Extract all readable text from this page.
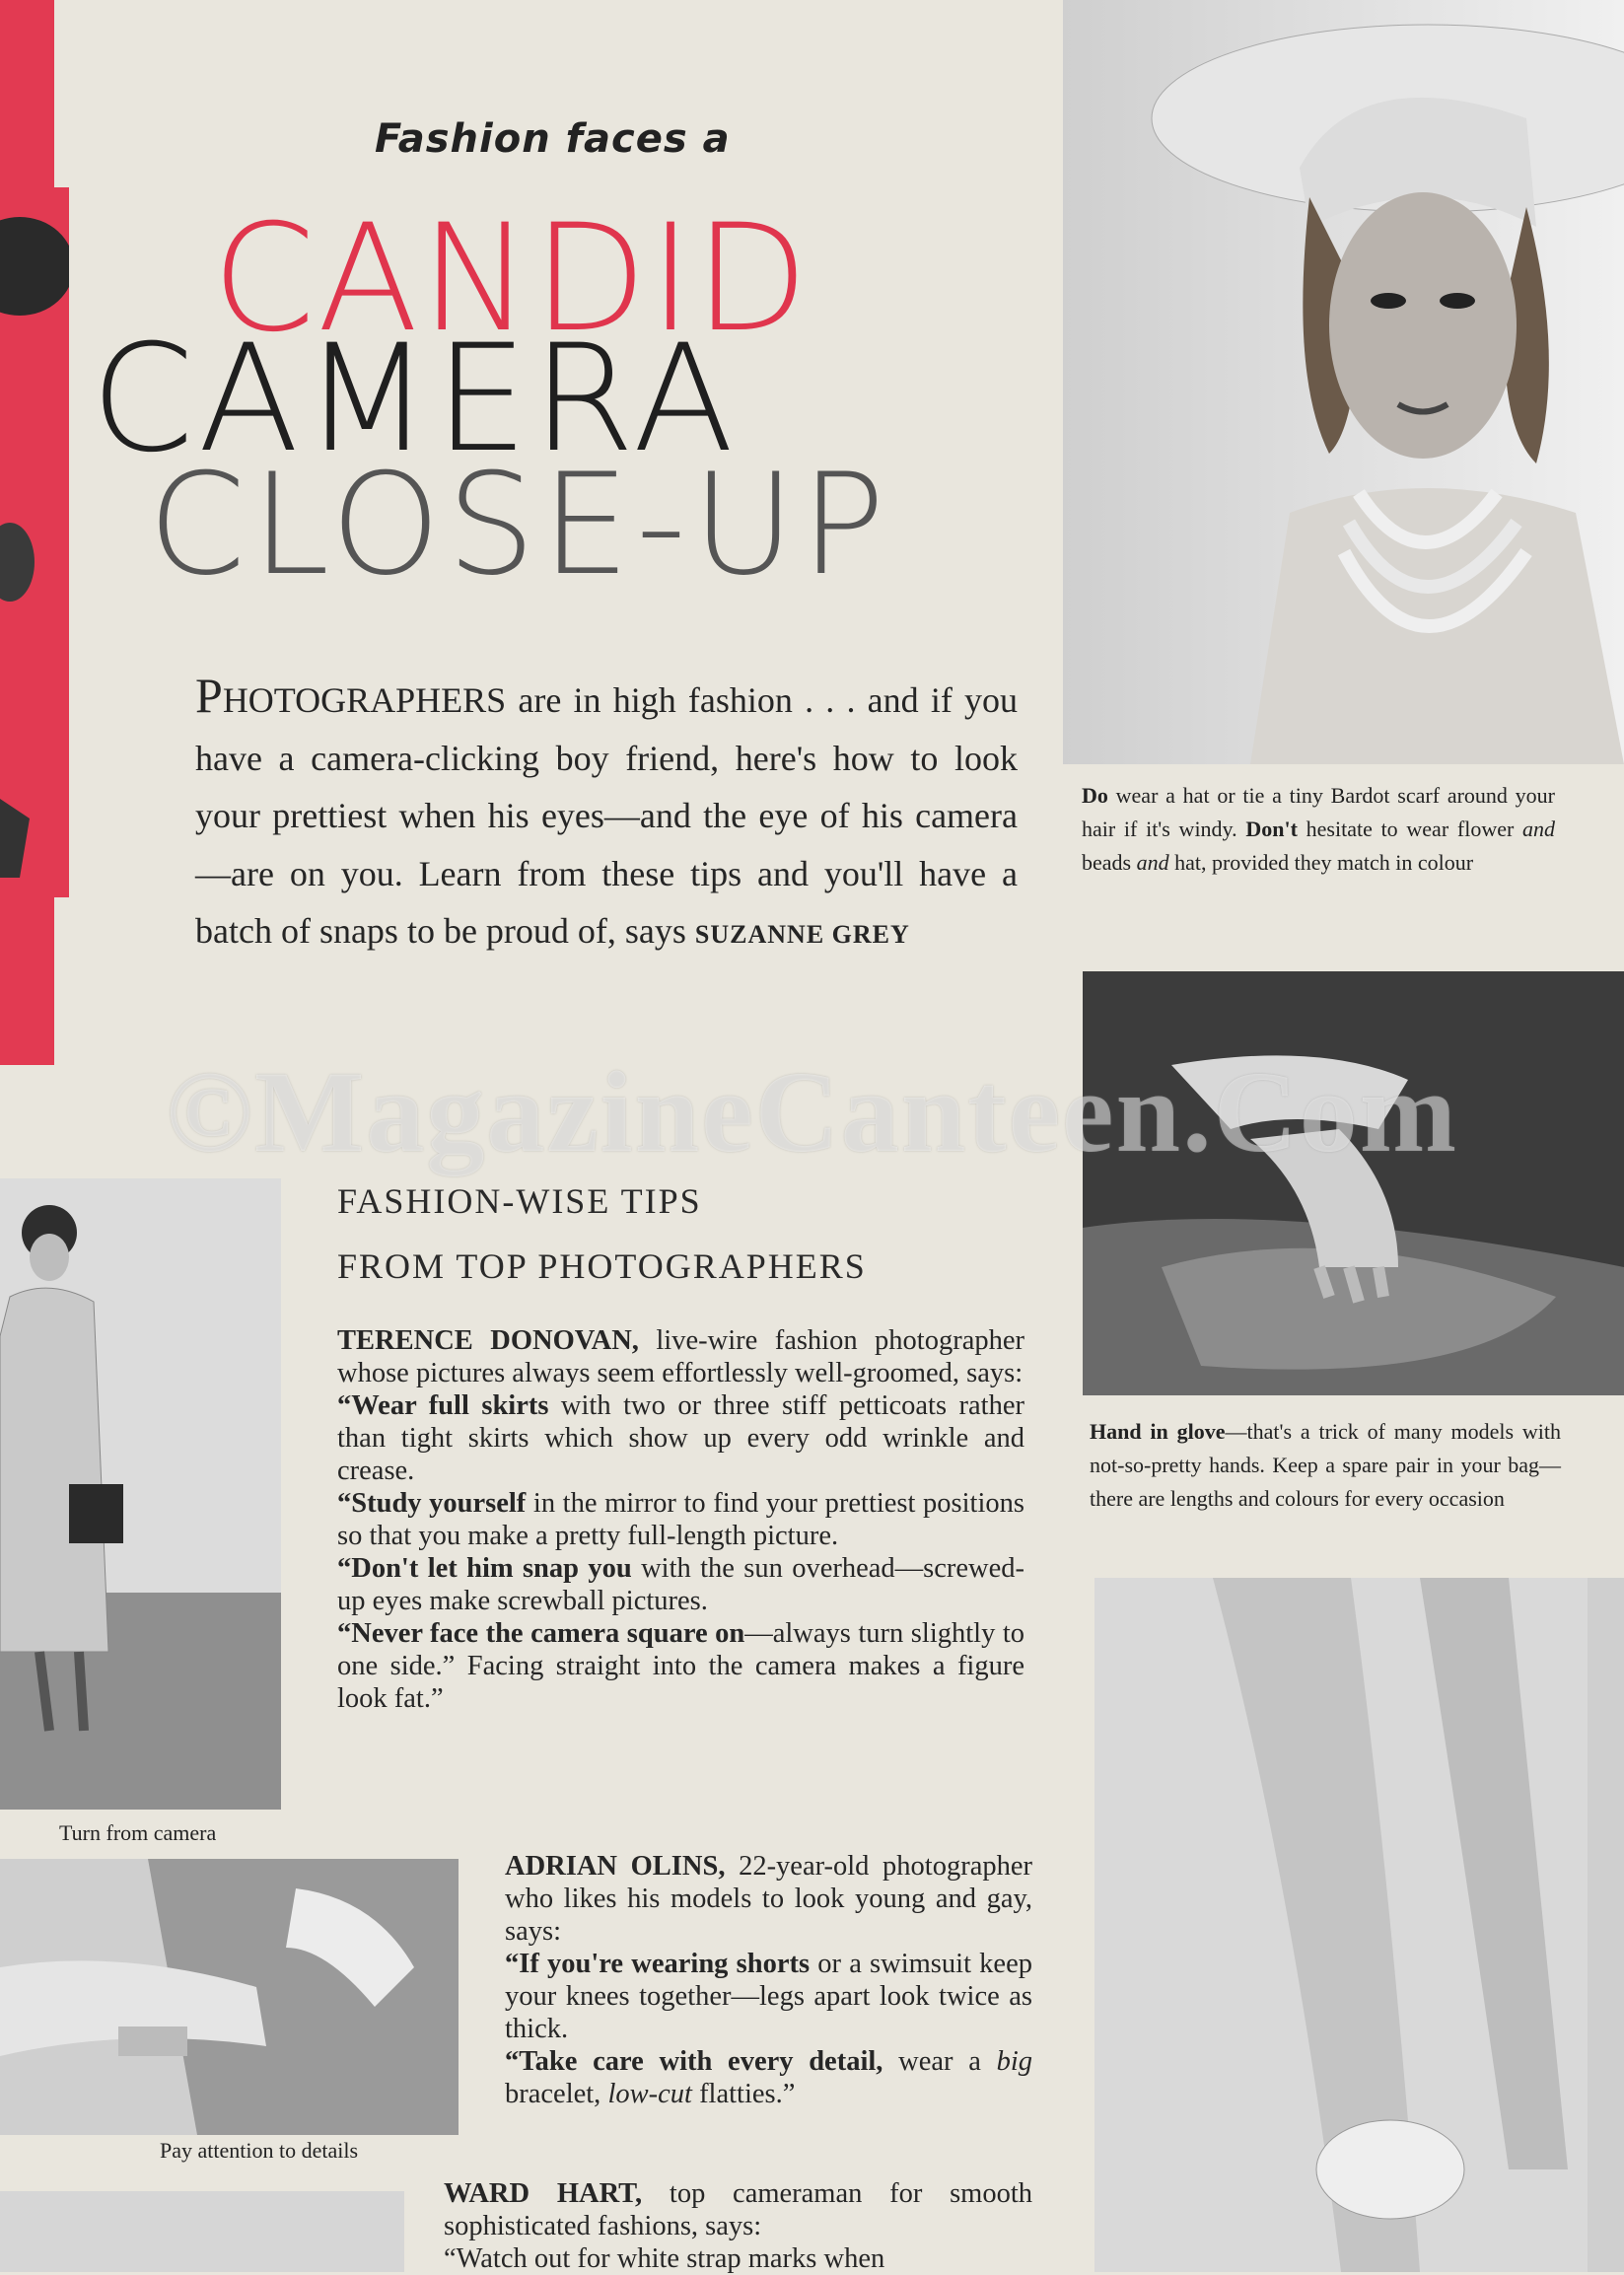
Do wear a hat or tie a tiny Bardot scarf around your hair if it's windy. Don't hesitate to wear flower and beads and hat, provided they match in colour
Hand in glove—that's a trick of many models with not-so-pretty hands. Keep a spare pair in your bag—there are lengths and colours for every occasion
Turn from camera
Pay attention to details
Fashion faces a
CANDID
CAMERA
CLOSE-UP
PHOTOGRAPHERS are in high fashion . . . and if you have a camera-clicking boy friend, here's how to look your prettiest when his eyes—and the eye of his camera—are on you. Learn from these tips and you'll have a batch of snaps to be proud of, says SUZANNE GREY
FASHION-WISE TIPS
FROM TOP PHOTOGRAPHERS
TERENCE DONOVAN, live-wire fashion photographer whose pictures always seem effortlessly well-groomed, says:
“Wear full skirts with two or three stiff petticoats rather than tight skirts which show up every odd wrinkle and crease.
“Study yourself in the mirror to find your prettiest positions so that you make a pretty full-length picture.
“Don't let him snap you with the sun overhead—screwed-up eyes make screwball pictures.
“Never face the camera square on—always turn slightly to one side.” Facing straight into the camera makes a figure look fat.”
ADRIAN OLINS, 22-year-old photographer who likes his models to look young and gay, says:
“If you're wearing shorts or a swimsuit keep your knees together—legs apart look twice as thick.
“Take care with every detail, wear a big bracelet, low-cut flatties.”
WARD HART, top cameraman for smooth sophisticated fashions, says:
“Watch out for white strap marks when
©MagazineCanteen.Com
